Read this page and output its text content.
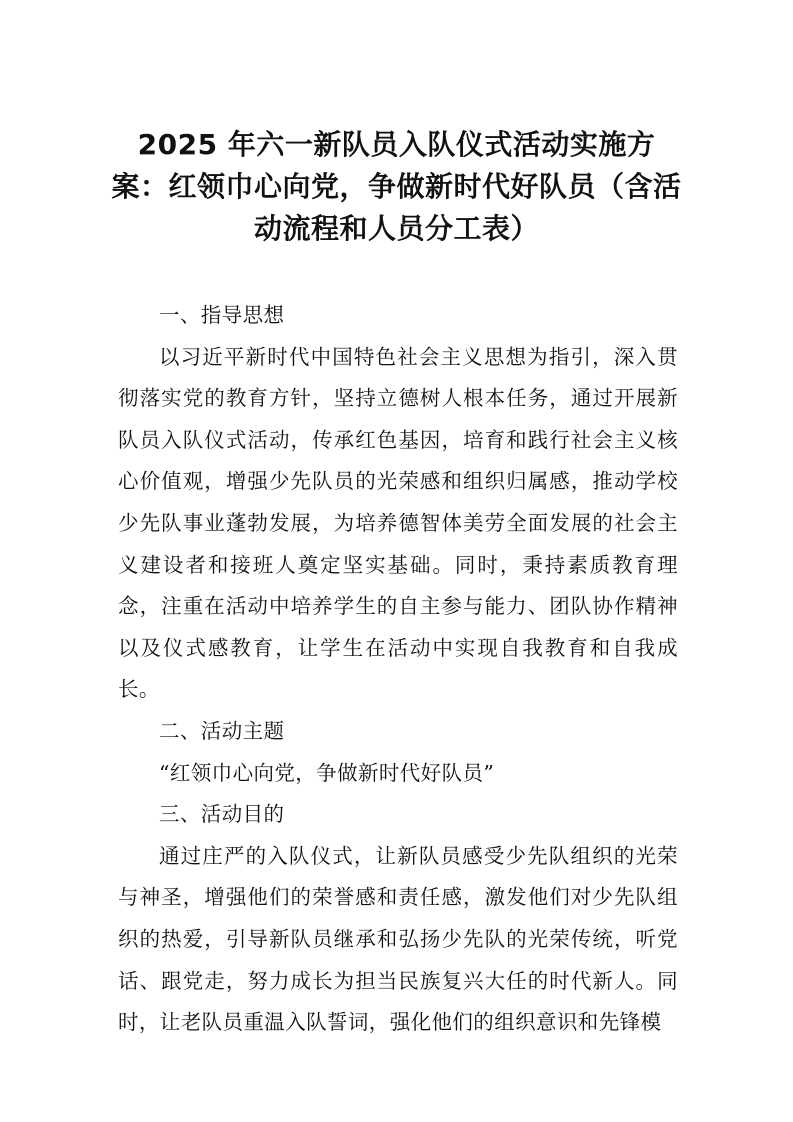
2025 年六一新队员入队仪式活动实施方案：红领巾心向党，争做新时代好队员（含活动流程和人员分工表）

一、指导思想

以习近平新时代中国特色社会主义思想为指引，深入贯彻落实党的教育方针，坚持立德树人根本任务，通过开展新队员入队仪式活动，传承红色基因，培育和践行社会主义核心价值观，增强少先队员的光荣感和组织归属感，推动学校少先队事业蓬勃发展，为培养德智体美劳全面发展的社会主义建设者和接班人奠定坚实基础。同时，秉持素质教育理念，注重在活动中培养学生的自主参与能力、团队协作精神以及仪式感教育，让学生在活动中实现自我教育和自我成长。

二、活动主题

“红领巾心向党，争做新时代好队员”

三、活动目的

通过庄严的入队仪式，让新队员感受少先队组织的光荣与神圣，增强他们的荣誉感和责任感，激发他们对少先队组织的热爱，引导新队员继承和弘扬少先队的光荣传统，听党话、跟党走，努力成长为担当民族复兴大任的时代新人。同时，让老队员重温入队誓词，强化他们的组织意识和先锋模
